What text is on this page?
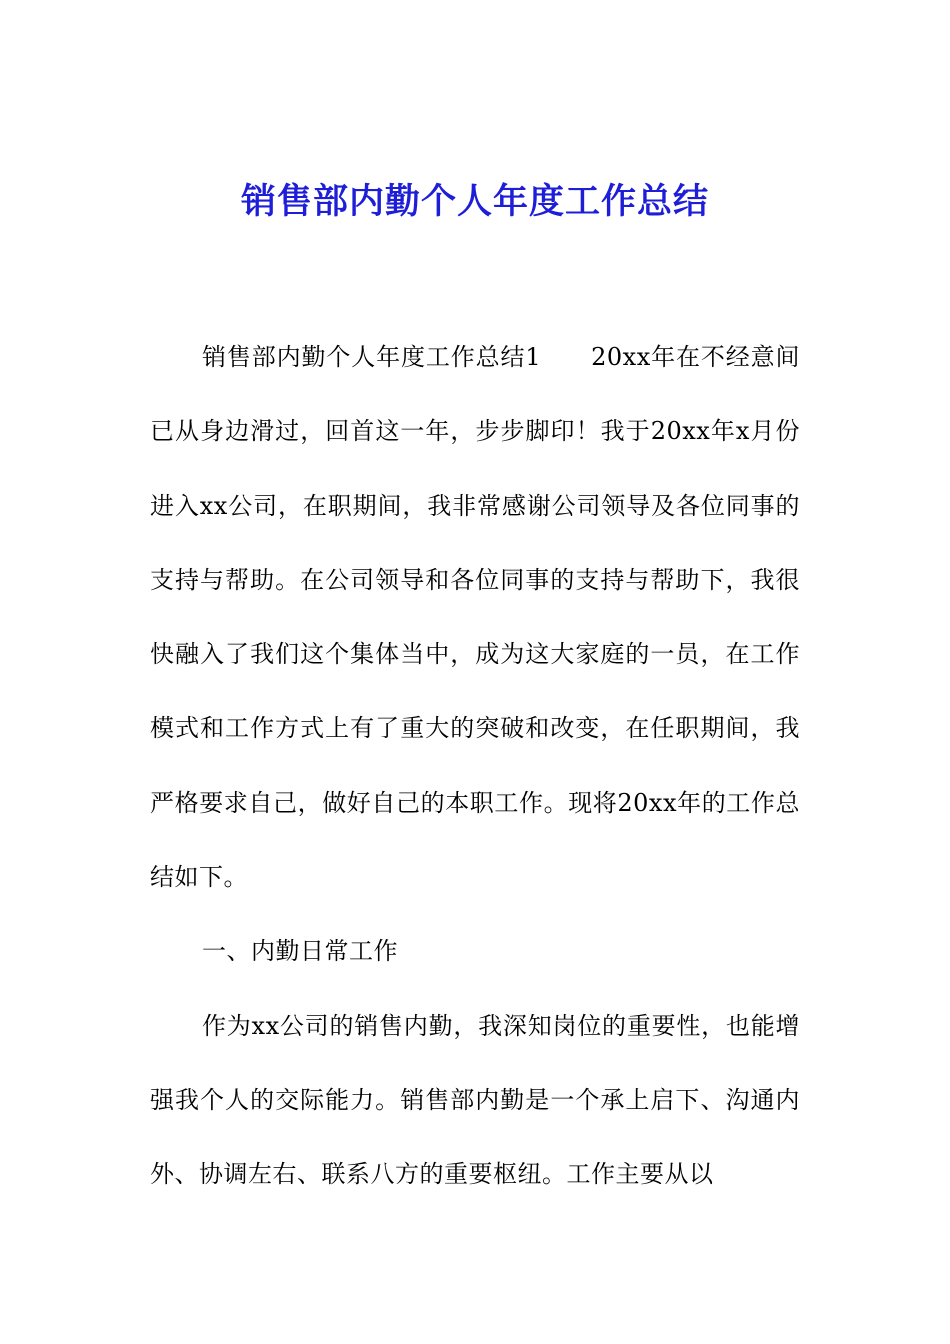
销售部内勤个人年度工作总结

销售部内勤个人年度工作总结1 20xx年在不经意间已从身边滑过，回首这一年，步步脚印！我于20xx年x月份进入xx公司，在职期间，我非常感谢公司领导及各位同事的支持与帮助。在公司领导和各位同事的支持与帮助下，我很快融入了我们这个集体当中，成为这大家庭的一员，在工作模式和工作方式上有了重大的突破和改变，在任职期间，我严格要求自己，做好自己的本职工作。现将20xx年的工作总结如下。

一、内勤日常工作

作为xx公司的销售内勤，我深知岗位的重要性，也能增强我个人的交际能力。销售部内勤是一个承上启下、沟通内外、协调左右、联系八方的重要枢纽。工作主要从以
